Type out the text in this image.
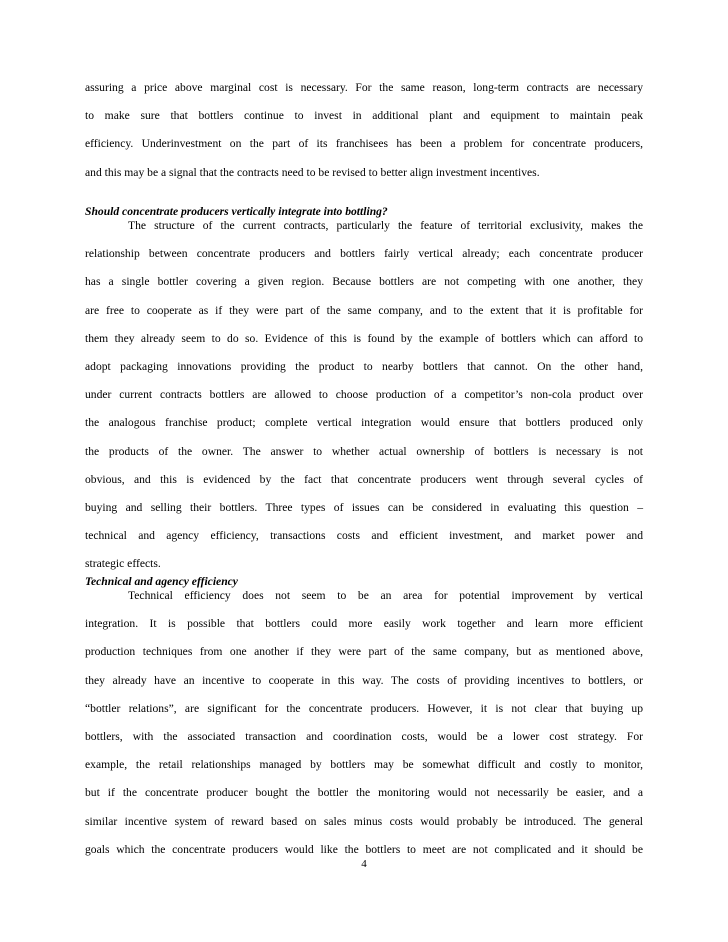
assuring a price above marginal cost is necessary. For the same reason, long-term contracts are necessary
to make sure that bottlers continue to invest in additional plant and equipment to maintain peak
efficiency. Underinvestment on the part of its franchisees has been a problem for concentrate producers,
and this may be a signal that the contracts need to be revised to better align investment incentives.
Should concentrate producers vertically integrate into bottling?
The structure of the current contracts, particularly the feature of territorial exclusivity, makes the
relationship between concentrate producers and bottlers fairly vertical already; each concentrate producer
has a single bottler covering a given region. Because bottlers are not competing with one another, they
are free to cooperate as if they were part of the same company, and to the extent that it is profitable for
them they already seem to do so. Evidence of this is found by the example of bottlers which can afford to
adopt packaging innovations providing the product to nearby bottlers that cannot. On the other hand,
under current contracts bottlers are allowed to choose production of a competitor’s non-cola product over
the analogous franchise product; complete vertical integration would ensure that bottlers produced only
the products of the owner. The answer to whether actual ownership of bottlers is necessary is not
obvious, and this is evidenced by the fact that concentrate producers went through several cycles of
buying and selling their bottlers. Three types of issues can be considered in evaluating this question –
technical and agency efficiency, transactions costs and efficient investment, and market power and
strategic effects.
Technical and agency efficiency
Technical efficiency does not seem to be an area for potential improvement by vertical
integration. It is possible that bottlers could more easily work together and learn more efficient
production techniques from one another if they were part of the same company, but as mentioned above,
they already have an incentive to cooperate in this way. The costs of providing incentives to bottlers, or
“bottler relations”, are significant for the concentrate producers. However, it is not clear that buying up
bottlers, with the associated transaction and coordination costs, would be a lower cost strategy. For
example, the retail relationships managed by bottlers may be somewhat difficult and costly to monitor,
but if the concentrate producer bought the bottler the monitoring would not necessarily be easier, and a
similar incentive system of reward based on sales minus costs would probably be introduced. The general
goals which the concentrate producers would like the bottlers to meet are not complicated and it should be
4
